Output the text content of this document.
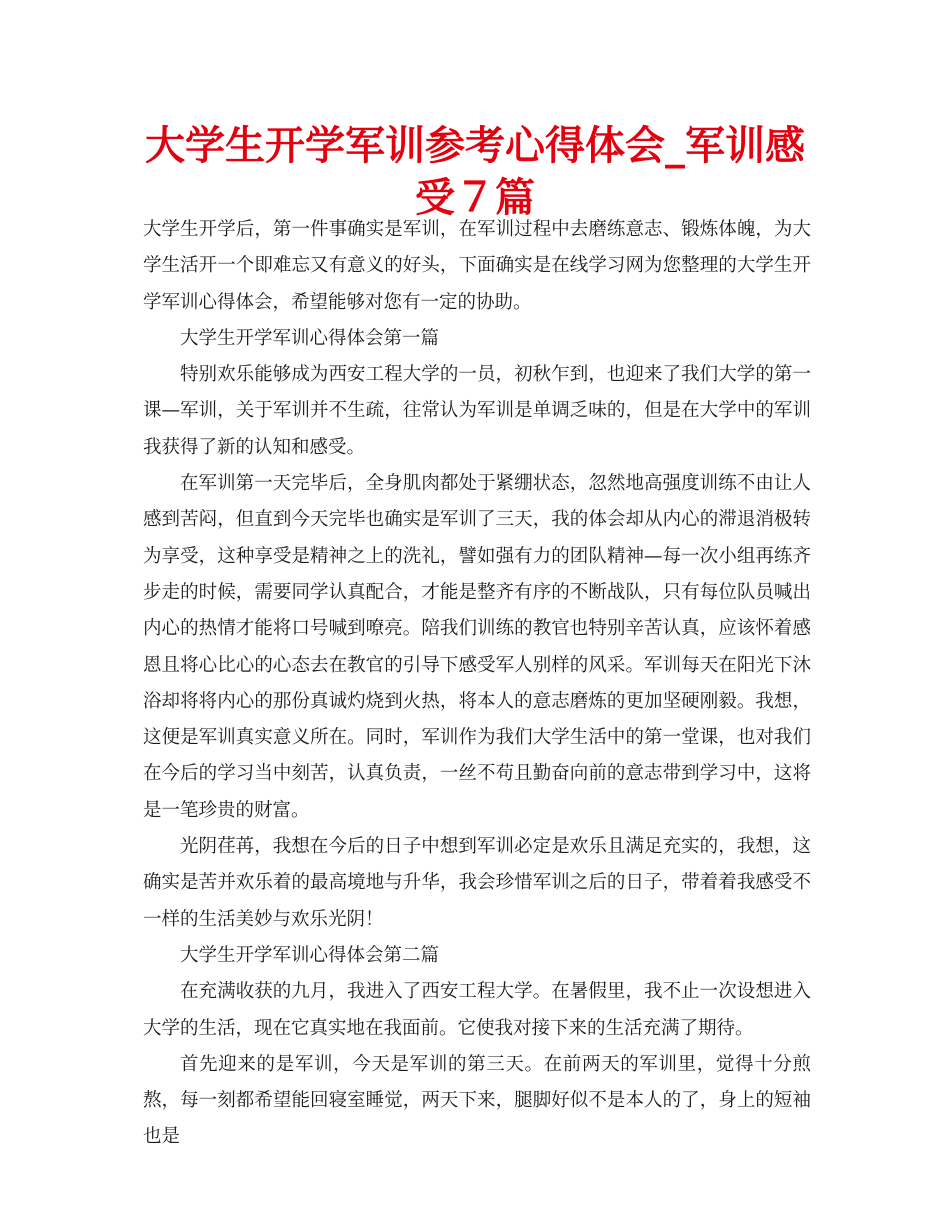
大学生开学军训参考心得体会_军训感受７篇

大学生开学后，第一件事确实是军训，在军训过程中去磨练意志、锻炼体魄，为大学生活开一个即难忘又有意义的好头，下面确实是在线学习网为您整理的大学生开学军训心得体会，希望能够对您有一定的协助。

大学生开学军训心得体会第一篇

特别欢乐能够成为西安工程大学的一员，初秋乍到，也迎来了我们大学的第一课—军训，关于军训并不生疏，往常认为军训是单调乏味的，但是在大学中的军训我获得了新的认知和感受。

在军训第一天完毕后，全身肌肉都处于紧绷状态，忽然地高强度训练不由让人感到苦闷，但直到今天完毕也确实是军训了三天，我的体会却从内心的滞退消极转为享受，这种享受是精神之上的洗礼，譬如强有力的团队精神—每一次小组再练齐步走的时候，需要同学认真配合，才能是整齐有序的不断战队，只有每位队员喊出内心的热情才能将口号喊到嘹亮。陪我们训练的教官也特别辛苦认真，应该怀着感恩且将心比心的心态去在教官的引导下感受军人别样的风采。军训每天在阳光下沐浴却将将内心的那份真诚灼烧到火热，将本人的意志磨炼的更加坚硬刚毅。我想，这便是军训真实意义所在。同时，军训作为我们大学生活中的第一堂课，也对我们在今后的学习当中刻苦，认真负责，一丝不苟且勤奋向前的意志带到学习中，这将是一笔珍贵的财富。

光阴荏苒，我想在今后的日子中想到军训必定是欢乐且满足充实的，我想，这确实是苦并欢乐着的最高境地与升华，我会珍惜军训之后的日子，带着着我感受不一样的生活美妙与欢乐光阴！

大学生开学军训心得体会第二篇

在充满收获的九月，我进入了西安工程大学。在暑假里，我不止一次设想进入大学的生活，现在它真实地在我面前。它使我对接下来的生活充满了期待。

首先迎来的是军训，今天是军训的第三天。在前两天的军训里，觉得十分煎熬，每一刻都希望能回寝室睡觉，两天下来，腿脚好似不是本人的了，身上的短袖也是
